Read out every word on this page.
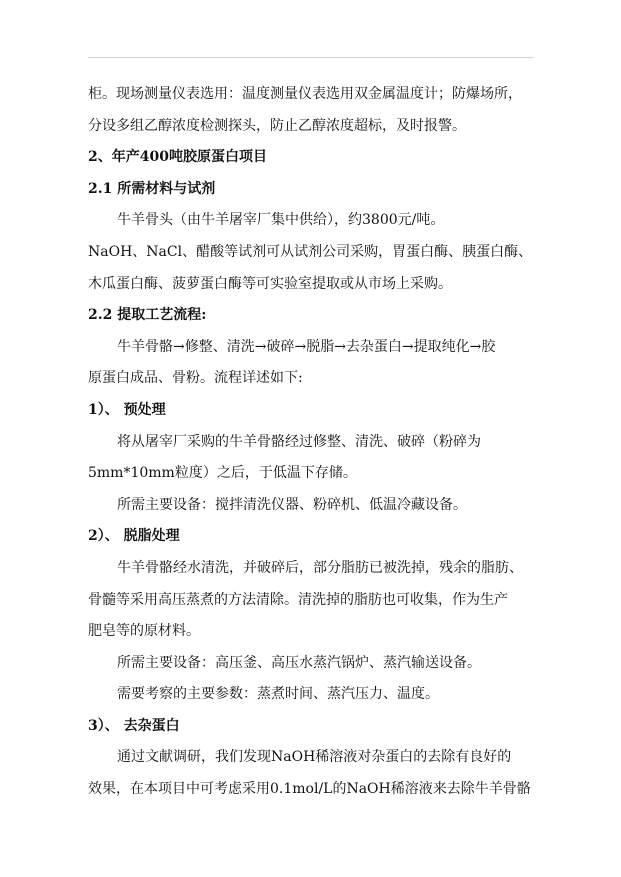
柜。现场测量仪表选用：温度测量仪表选用双金属温度计；防爆场所，
分设多组乙醇浓度检测探头，防止乙醇浓度超标，及时报警。
2、年产400吨胶原蛋白项目
2.1 所需材料与试剂
牛羊骨头（由牛羊屠宰厂集中供给），约3800元/吨。
NaOH、NaCl、醋酸等试剂可从试剂公司采购，胃蛋白酶、胰蛋白酶、
木瓜蛋白酶、菠萝蛋白酶等可实验室提取或从市场上采购。
2.2 提取工艺流程:
牛羊骨骼→修整、清洗→破碎→脱脂→去杂蛋白→提取纯化→胶
原蛋白成品、骨粉。流程详述如下:
1）、 预处理
将从屠宰厂采购的牛羊骨骼经过修整、清洗、破碎（粉碎为
5mm*10mm粒度）之后，于低温下存储。
所需主要设备：搅拌清洗仪器、粉碎机、低温冷藏设备。
2）、 脱脂处理
牛羊骨骼经水清洗，并破碎后，部分脂肪已被洗掉，残余的脂肪、
骨髓等采用高压蒸煮的方法清除。清洗掉的脂肪也可收集，作为生产
肥皂等的原材料。
所需主要设备：高压釜、高压水蒸汽锅炉、蒸汽输送设备。
需要考察的主要参数：蒸煮时间、蒸汽压力、温度。
3）、 去杂蛋白
通过文献调研，我们发现NaOH稀溶液对杂蛋白的去除有良好的
效果，在本项目中可考虑采用0.1mol/L的NaOH稀溶液来去除牛羊骨骼
